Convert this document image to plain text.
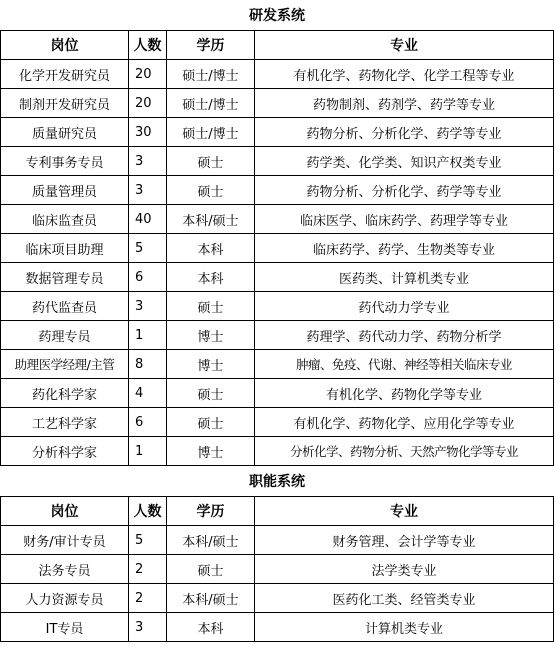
研发系统			
岗位	人数	学历	专业
化学开发研究员	20	硕士/博士	有机化学、药物化学、化学工程等专业
制剂开发研究员	20	硕士/博士	药物制剂、药剂学、药学等专业
质量研究员	30	硕士/博士	药物分析、分析化学、药学等专业
专利事务专员	3	硕士	药学类、化学类、知识产权类专业
质量管理员	3	硕士	药物分析、分析化学、药学等专业
临床监查员	40	本科/硕士	临床医学、临床药学、药理学等专业
临床项目助理	5	本科	临床药学、药学、生物类等专业
数据管理专员	6	本科	医药类、计算机类专业
药代监查员	3	硕士	药代动力学专业
药理专员	1	博士	药理学、药代动力学、药物分析学
助理医学经理/主管	8	博士	肿瘤、免疫、代谢、神经等相关临床专业
药化科学家	4	硕士	有机化学、药物化学等专业
工艺科学家	6	硕士	有机化学、药物化学、应用化学等专业
分析科学家	1	博士	分析化学、药物分析、天然产物化学等专业
职能系统			
岗位	人数	学历	专业
财务/审计专员	5	本科/硕士	财务管理、会计学等专业
法务专员	2	硕士	法学类专业
人力资源专员	2	本科/硕士	医药化工类、经管类专业
IT专员	3	本科	计算机类专业
